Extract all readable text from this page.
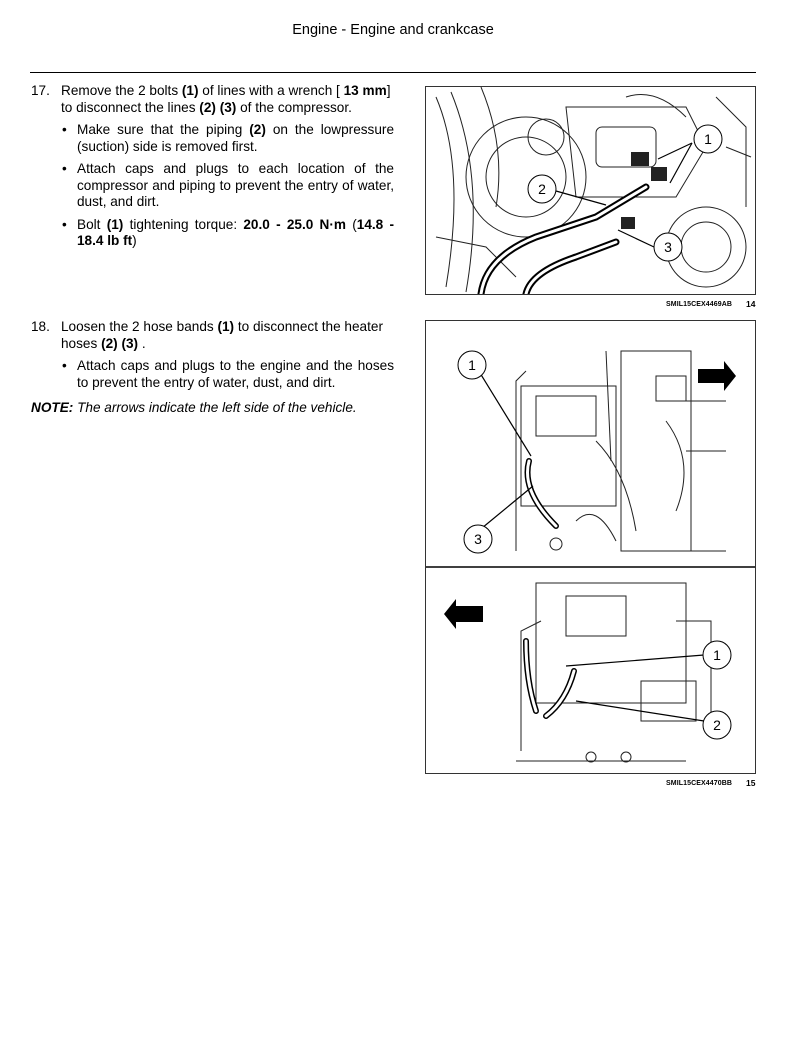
Engine - Engine and crankcase
17. Remove the 2 bolts (1) of lines with a wrench [ 13 mm]
to disconnect the lines (2) (3) of the compressor.
• Make sure that the piping (2) on the lowpressure (suction) side is removed first.
• Attach caps and plugs to each location of the compressor and piping to prevent the entry of water, dust, and dirt.
• Bolt (1) tightening torque: 20.0 - 25.0 N·m (14.8 - 18.4 lb ft)
18. Loosen the 2 hose bands (1) to disconnect the heater hoses (2) (3) .
• Attach caps and plugs to the engine and the hoses to prevent the entry of water, dust, and dirt.
NOTE: The arrows indicate the left side of the vehicle.
1
2
3
SMIL15CEX4469AB 14
1
3
1
2
SMIL15CEX4470BB 15
